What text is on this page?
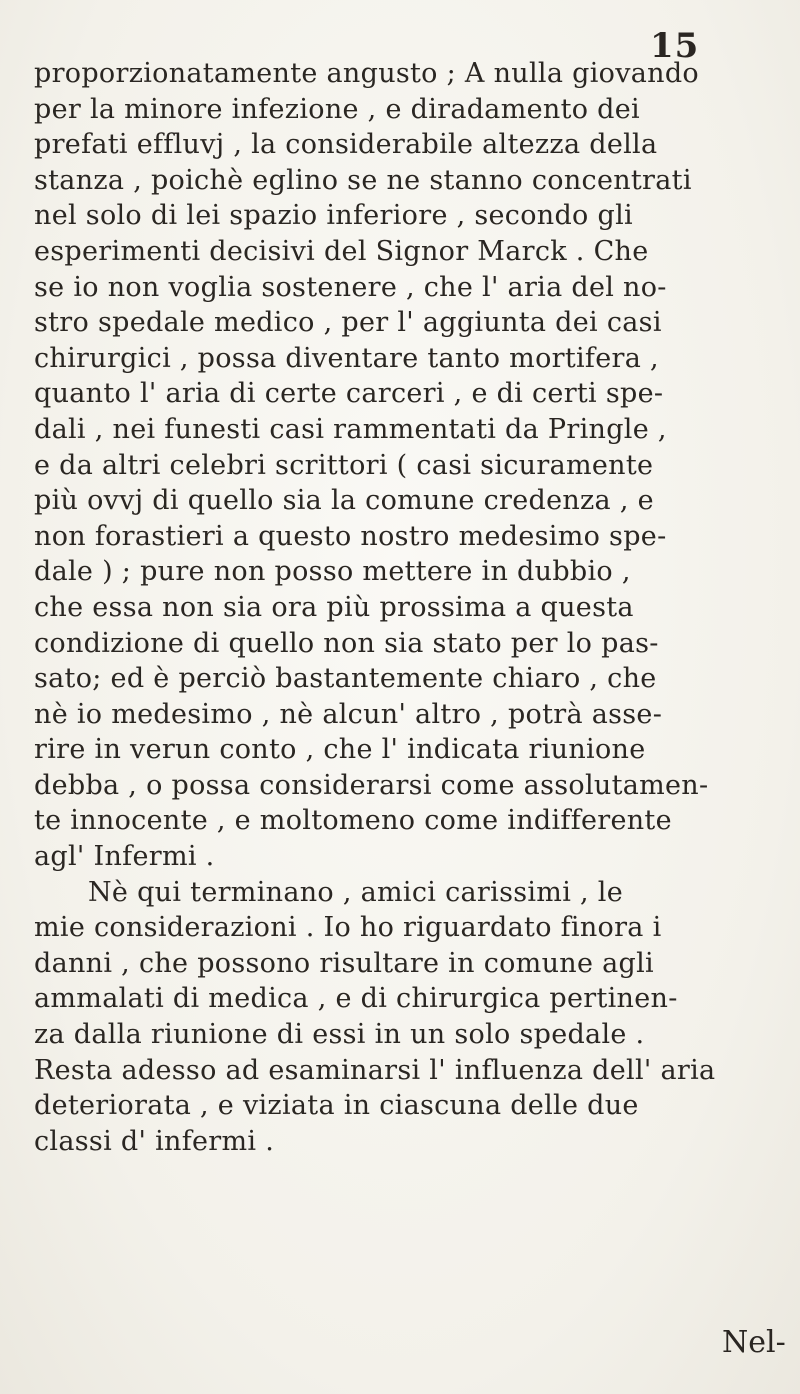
15
proporzionatamente angusto ; A nulla giovando
per la minore infezione , e diradamento dei
prefati effluvj , la considerabile altezza della
stanza , poichè eglino se ne stanno concentrati
nel solo di lei spazio inferiore , secondo gli
esperimenti decisivi del Signor Marck . Che
se io non voglia sostenere , che l' aria del no-
stro spedale medico , per l' aggiunta dei casi
chirurgici , possa diventare tanto mortifera ,
quanto l' aria di certe carceri , e di certi spe-
dali , nei funesti casi rammentati da Pringle ,
e da altri celebri scrittori ( casi sicuramente
più ovvj di quello sia la comune credenza , e
non forastieri a questo nostro medesimo spe-
dale ) ; pure non posso mettere in dubbio ,
che essa non sia ora più prossima a questa
condizione di quello non sia stato per lo pas-
sato; ed è perciò bastantemente chiaro , che
nè io medesimo , nè alcun' altro , potrà asse-
rire in verun conto , che l' indicata riunione
debba , o possa considerarsi come assolutamen-
te innocente , e moltomeno come indifferente
agl' Infermi .
Nè qui terminano , amici carissimi , le
mie considerazioni . Io ho riguardato finora i
danni , che possono risultare in comune agli
ammalati di medica , e di chirurgica pertinen-
za dalla riunione di essi in un solo spedale .
Resta adesso ad esaminarsi l' influenza dell' aria
deteriorata , e viziata in ciascuna delle due
classi d' infermi .
Nel-
